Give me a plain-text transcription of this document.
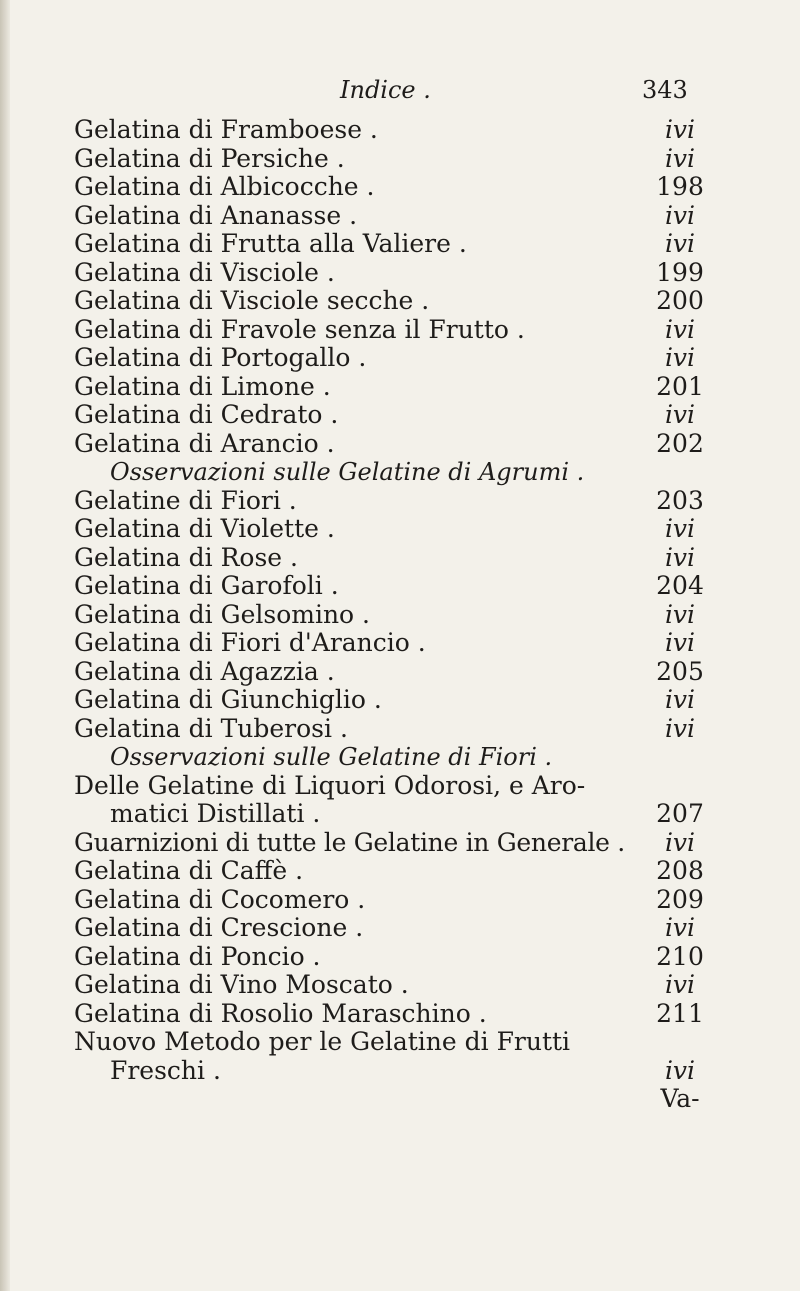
Indice .	343
Gelatina di Framboese .	ivi
Gelatina di Persiche .	ivi
Gelatina di Albicocche .	198
Gelatina di Ananasse .	ivi
Gelatina di Frutta alla Valiere .	ivi
Gelatina di Visciole .	199
Gelatina di Visciole secche .	200
Gelatina di Fravole senza il Frutto .	ivi
Gelatina di Portogallo .	ivi
Gelatina di Limone .	201
Gelatina di Cedrato .	ivi
Gelatina di Arancio .	202
Osservazioni sulle Gelatine di Agrumi .
Gelatine di Fiori .	203
Gelatina di Violette .	ivi
Gelatina di Rose .	ivi
Gelatina di Garofoli .	204
Gelatina di Gelsomino .	ivi
Gelatina di Fiori d'Arancio .	ivi
Gelatina di Agazzia .	205
Gelatina di Giunchiglio .	ivi
Gelatina di Tuberosi .	ivi
Osservazioni sulle Gelatine di Fiori .
Delle Gelatine di Liquori Odorosi, e Aro-
matici Distillati .	207
Guarnizioni di tutte le Gelatine in Generale .	ivi
Gelatina di Caffè .	208
Gelatina di Cocomero .	209
Gelatina di Crescione .	ivi
Gelatina di Poncio .	210
Gelatina di Vino Moscato .	ivi
Gelatina di Rosolio Maraschino .	211
Nuovo Metodo per le Gelatine di Frutti
Freschi .	ivi
Va-
